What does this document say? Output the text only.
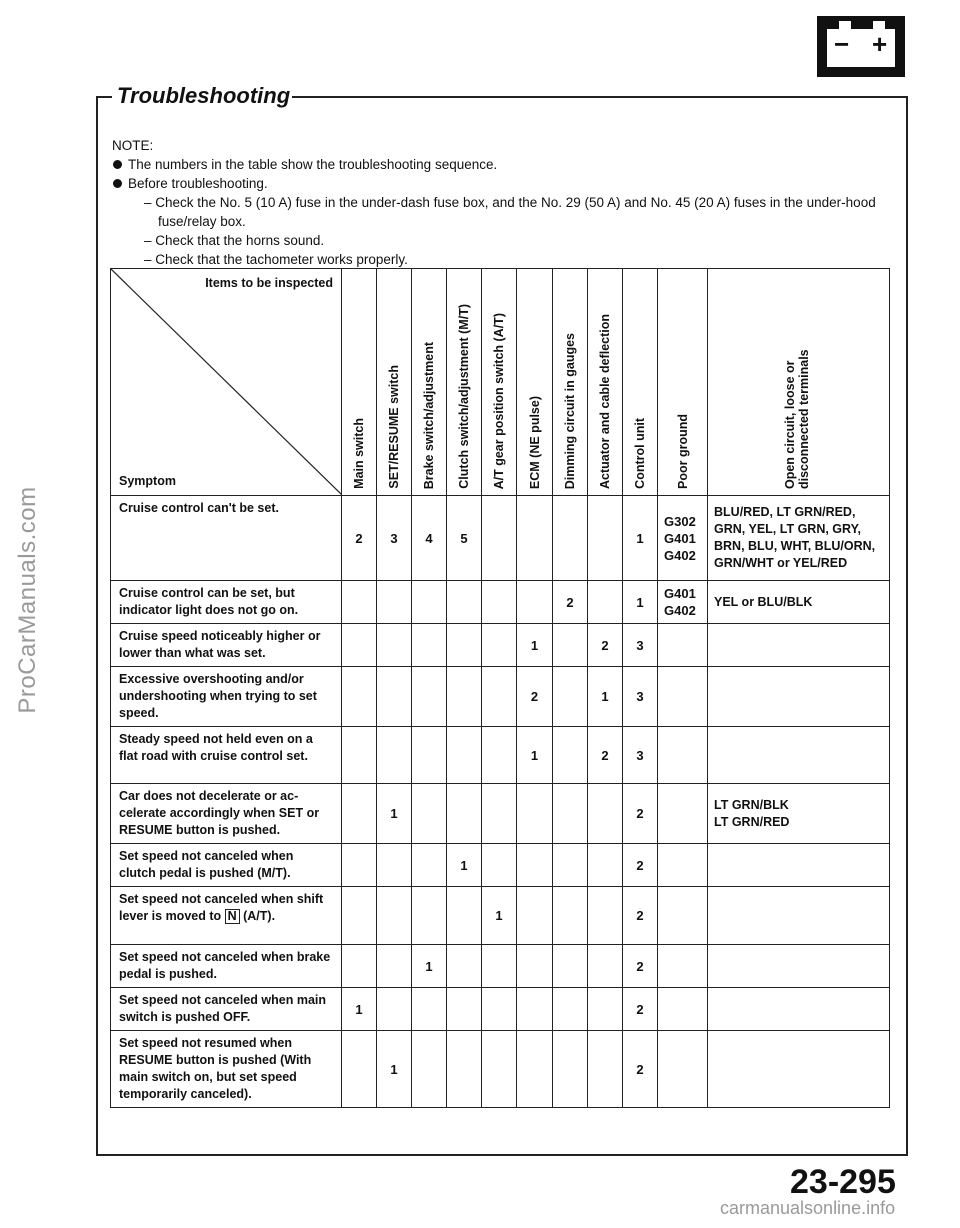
ProCarManuals.com
− +
Troubleshooting
NOTE:
The numbers in the table show the troubleshooting sequence.
Before troubleshooting.
– Check the No. 5 (10 A) fuse in the under-dash fuse box, and the No. 29 (50 A) and No. 45 (20 A) fuses in the under-hood fuse/relay box.
– Check that the horns sound.
– Check that the tachometer works properly.
Items to be inspected
Symptom	Main switch	SET/RESUME switch	Brake switch/adjustment	Clutch switch/adjustment (M/T)	A/T gear position switch (A/T)	ECM (NE pulse)	Dimming circuit in gauges	Actuator and cable deflection	Control unit	Poor ground	Open circuit, loose or disconnected terminals

Cruise control can't be set.	2	3	4	5					1	G302
G401
G402	BLU/RED, LT GRN/RED, GRN, YEL, LT GRN, GRY, BRN, BLU, WHT, BLU/ORN, GRN/WHT or YEL/RED
Cruise control can be set, but indicator light does not go on.							2		1	G401
G402	YEL or BLU/BLK
Cruise speed noticeably higher or lower than what was set.						1		2	3		
Excessive overshooting and/or undershooting when trying to set speed.						2		1	3		
Steady speed not held even on a flat road with cruise control set.						1		2	3		
Car does not decelerate or ac-celerate accordingly when SET or RESUME button is pushed.		1							2		LT GRN/BLK
LT GRN/RED
Set speed not canceled when clutch pedal is pushed (M/T).				1					2		
Set speed not canceled when shift lever is moved to N (A/T).					1				2		
Set speed not canceled when brake pedal is pushed.			1						2		
Set speed not canceled when main switch is pushed OFF.	1								2		
Set speed not resumed when RESUME button is pushed (With main switch on, but set speed temporarily canceled).		1							2		
23-295
carmanualsonline.info
